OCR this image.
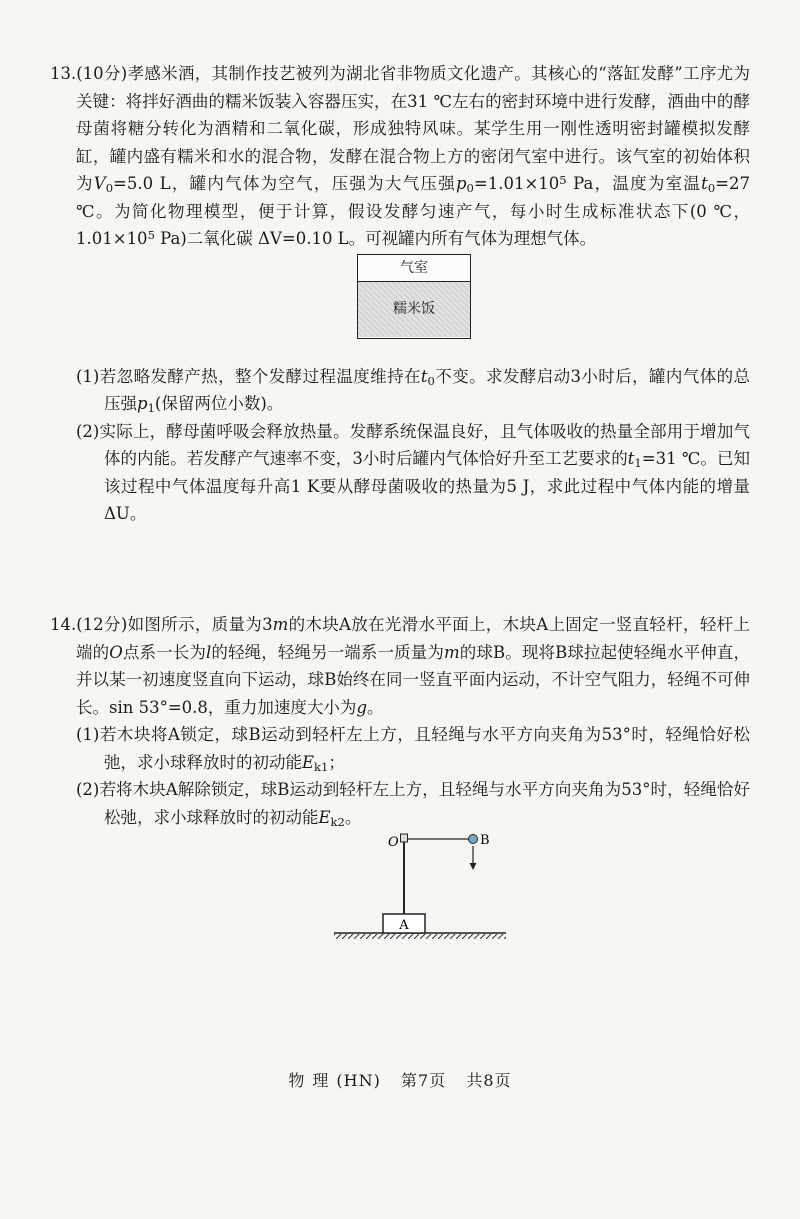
13.(10分)孝感米酒，其制作技艺被列为湖北省非物质文化遗产。其核心的“落缸发酵”工序尤为关键：将拌好酒曲的糯米饭装入容器压实，在31 ℃左右的密封环境中进行发酵，酒曲中的酵母菌将糖分转化为酒精和二氧化碳，形成独特风味。某学生用一刚性透明密封罐模拟发酵缸，罐内盛有糯米和水的混合物，发酵在混合物上方的密闭气室中进行。该气室的初始体积为$V_0=5.0$ L，罐内气体为空气，压强为大气压强$p_0=1.01\times 10^5$ Pa，温度为室温$t_0=27$ ℃。为简化物理模型，便于计算，假设发酵匀速产气，每小时生成标准状态下(0 ℃，$1.01\times 10^5$ Pa)二氧化碳 ΔV=0.10 L。可视罐内所有气体为理想气体。

(1)若忽略发酵产热，整个发酵过程温度维持在$t_0$不变。求发酵启动3小时后，罐内气体的总压强$p_1$(保留两位小数)。

(2)实际上，酵母菌呼吸会释放热量。发酵系统保温良好，且气体吸收的热量全部用于增加气体的内能。若发酵产气速率不变，3小时后罐内气体恰好升至工艺要求的$t_1=31$ ℃。已知该过程中气体温度每升高1 K要从酵母菌吸收的热量为5 J，求此过程中气体内能的增量ΔU。

气室
糯米饭

14.(12分)如图所示，质量为3m的木块A放在光滑水平面上，木块A上固定一竖直轻杆，轻杆上端的O点系一长为l的轻绳，轻绳另一端系一质量为m的球B。现将B球拉起使轻绳水平伸直，并以某一初速度竖直向下运动，球B始终在同一竖直平面内运动，不计空气阻力，轻绳不可伸长。sin 53°=0.8，重力加速度大小为g。

(1)若木块将A锁定，球B运动到轻杆左上方，且轻绳与水平方向夹角为53°时，轻绳恰好松弛，求小球释放时的初动能$E_{k1}$；

(2)若将木块A解除锁定，球B运动到轻杆左上方，且轻绳与水平方向夹角为53°时，轻绳恰好松弛，求小球释放时的初动能$E_{k2}$。

A
O	B
物理(HN) 第7页 共8页
